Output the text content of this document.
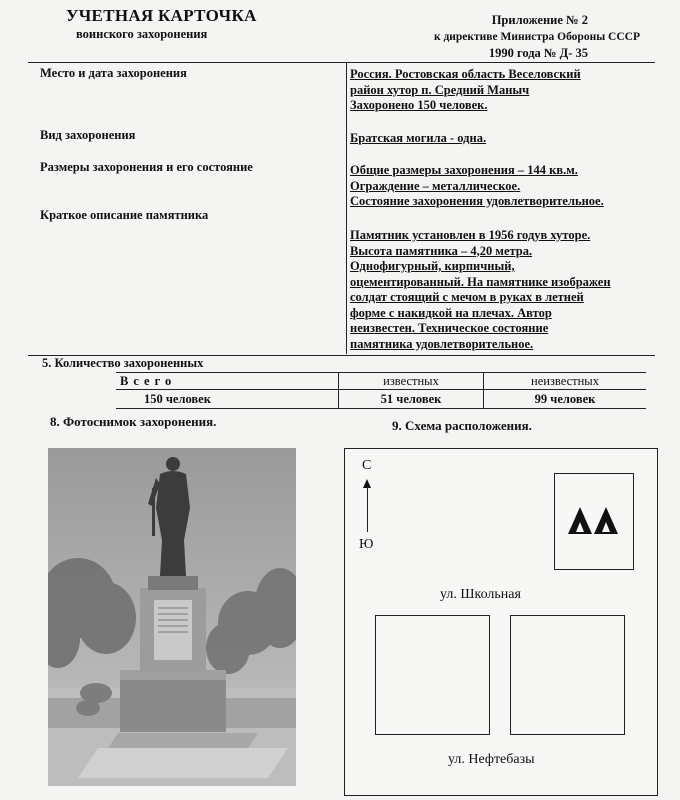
УЧЕТНАЯ КАРТОЧКА
воинского захоронения
Приложение № 2
к директиве Министра Обороны СССР
1990 года № Д- 35
Место и дата захоронения	Россия. Ростовская область Веселовский
район хутор п. Средний Маныч
Захоронено 150 человек.
Вид захоронения	Братская могила - одна.
Размеры захоронения и его состояние	Общие размеры захоронения – 144 кв.м.
Ограждение – металлическое.
Состояние захоронения удовлетворительное.
Краткое описание памятника
Памятник установлен в 1956 годув хуторе.
Высота памятника – 4,20 метра.
Однофигурный, кирпичный,
оцементированный. На памятнике изображен
солдат стоящий с мечом в руках в летней
форме с накидкой на плечах. Автор
неизвестен. Техническое состояние
памятника удовлетворительное.
5. Количество захороненных
Всего	известных	неизвестных
150 человек	51 человек	99 человек
8. Фотоснимок захоронения.	9. Схема расположения.
С
Ю
ул. Школьная
ул. Нефтебазы
